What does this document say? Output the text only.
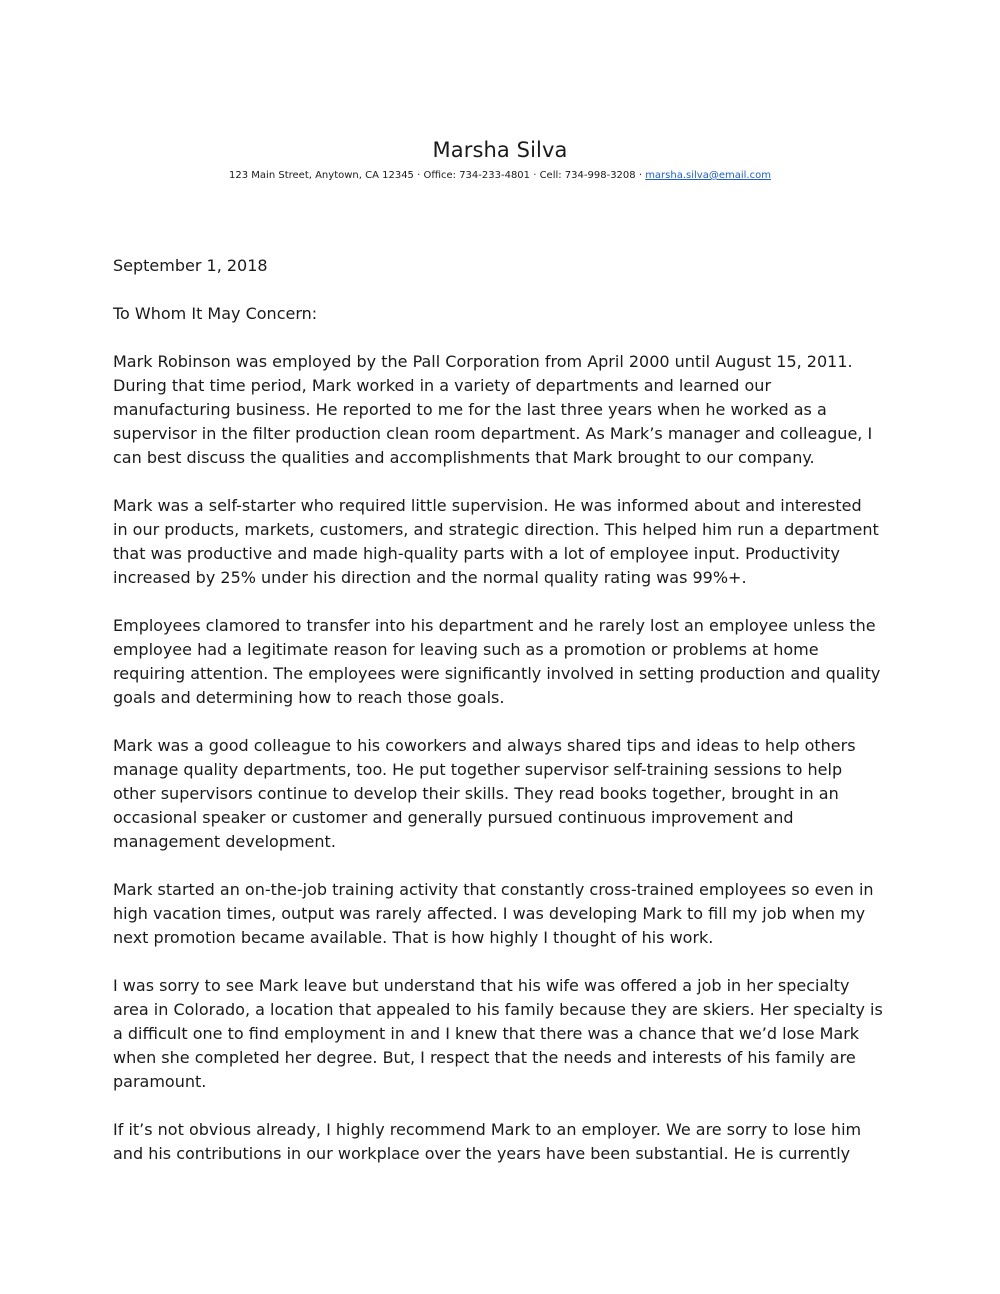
Marsha Silva
123 Main Street, Anytown, CA 12345 · Office: 734-233-4801 · Cell: 734-998-3208 · marsha.silva@email.com
September 1, 2018
To Whom It May Concern:
Mark Robinson was employed by the Pall Corporation from April 2000 until August 15, 2011.
During that time period, Mark worked in a variety of departments and learned our
manufacturing business. He reported to me for the last three years when he worked as a
supervisor in the filter production clean room department. As Mark’s manager and colleague, I
can best discuss the qualities and accomplishments that Mark brought to our company.
Mark was a self-starter who required little supervision. He was informed about and interested
in our products, markets, customers, and strategic direction. This helped him run a department
that was productive and made high-quality parts with a lot of employee input. Productivity
increased by 25% under his direction and the normal quality rating was 99%+.
Employees clamored to transfer into his department and he rarely lost an employee unless the
employee had a legitimate reason for leaving such as a promotion or problems at home
requiring attention. The employees were significantly involved in setting production and quality
goals and determining how to reach those goals.
Mark was a good colleague to his coworkers and always shared tips and ideas to help others
manage quality departments, too. He put together supervisor self-training sessions to help
other supervisors continue to develop their skills. They read books together, brought in an
occasional speaker or customer and generally pursued continuous improvement and
management development.
Mark started an on-the-job training activity that constantly cross-trained employees so even in
high vacation times, output was rarely affected. I was developing Mark to fill my job when my
next promotion became available. That is how highly I thought of his work.
I was sorry to see Mark leave but understand that his wife was offered a job in her specialty
area in Colorado, a location that appealed to his family because they are skiers. Her specialty is
a difficult one to find employment in and I knew that there was a chance that we’d lose Mark
when she completed her degree. But, I respect that the needs and interests of his family are
paramount.
If it’s not obvious already, I highly recommend Mark to an employer. We are sorry to lose him
and his contributions in our workplace over the years have been substantial. He is currently
